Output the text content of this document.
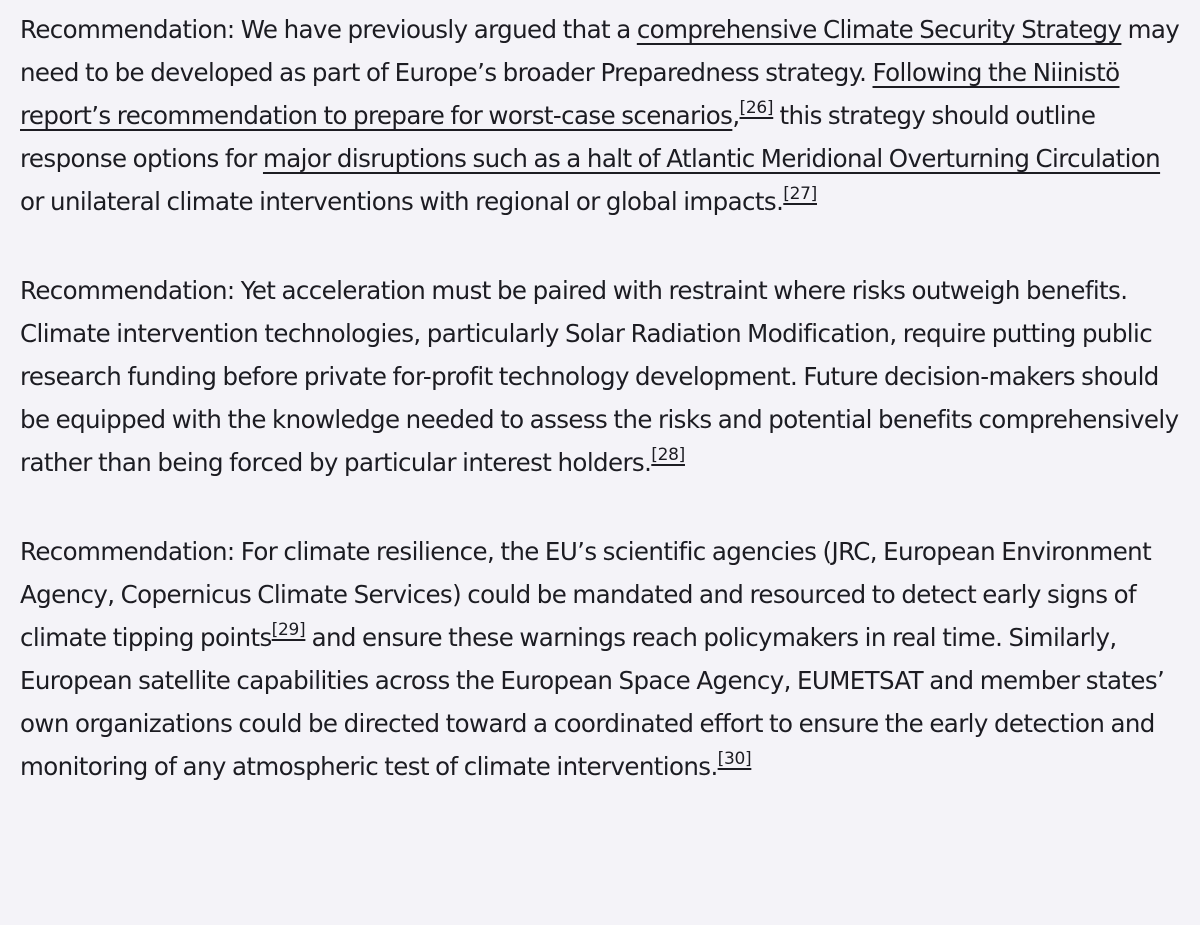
Recommendation: We have previously argued that a comprehensive Climate Security Strategy may need to be developed as part of Europe’s broader Preparedness strategy. Following the Niinistö report’s recommendation to prepare for worst-case scenarios,[26] this strategy should outline response options for major disruptions such as a halt of Atlantic Meridional Overturning Circulation or unilateral climate interventions with regional or global impacts.[27]

Recommendation: Yet acceleration must be paired with restraint where risks outweigh benefits. Climate intervention technologies, particularly Solar Radiation Modification, require putting public research funding before private for-profit technology development. Future decision-makers should be equipped with the knowledge needed to assess the risks and potential benefits comprehensively rather than being forced by particular interest holders.[28]

Recommendation: For climate resilience, the EU’s scientific agencies (JRC, European Environment Agency, Copernicus Climate Services) could be mandated and resourced to detect early signs of climate tipping points[29] and ensure these warnings reach policymakers in real time. Similarly, European satellite capabilities across the European Space Agency, EUMETSAT and member states’ own organizations could be directed toward a coordinated effort to ensure the early detection and monitoring of any atmospheric test of climate interventions.[30]
